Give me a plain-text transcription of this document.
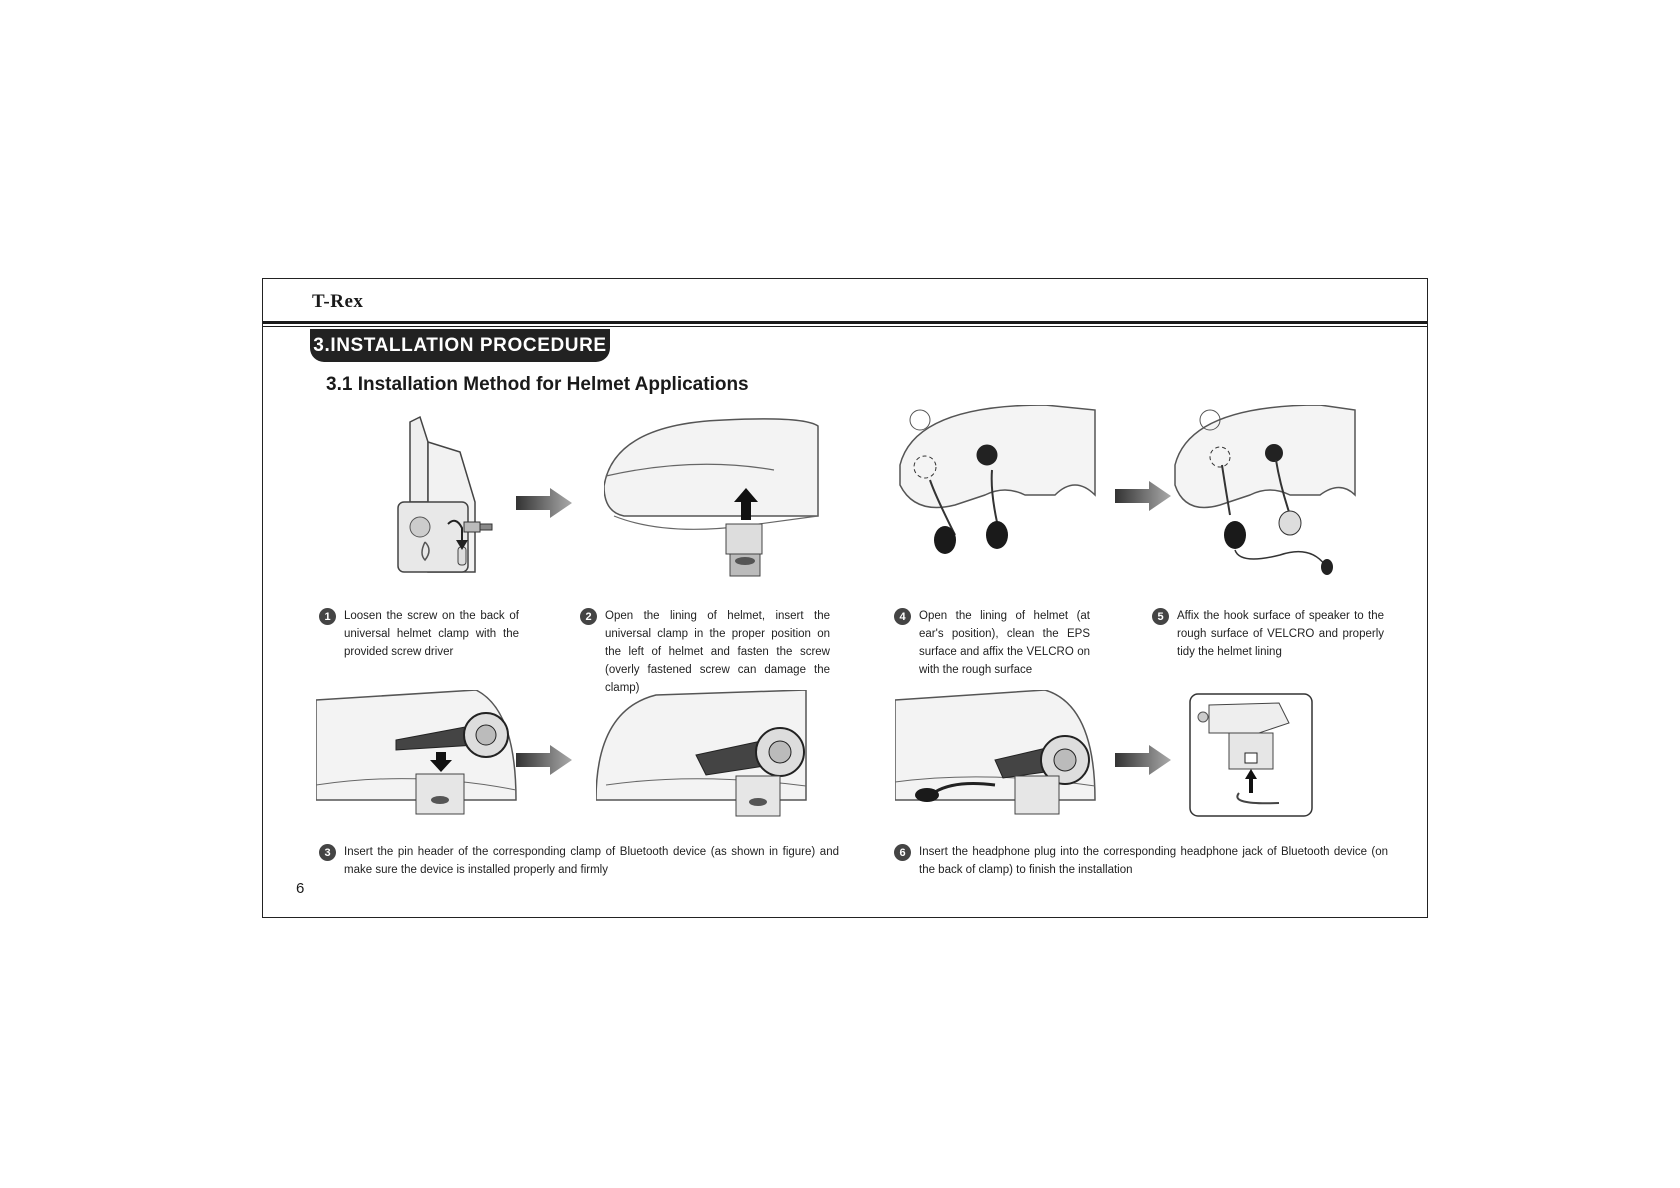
T-Rex
3.INSTALLATION PROCEDURE
3.1 Installation Method for Helmet Applications
1	Loosen the screw on the back of universal helmet clamp with the provided screw driver
2	Open the lining of helmet, insert the universal clamp in the proper position on the left of helmet and fasten the screw (overly fastened screw can damage the clamp)
4	Open the lining of helmet (at ear's position), clean the EPS surface and affix the VELCRO on with the rough surface
5	Affix the hook surface of speaker to the rough surface of VELCRO and properly tidy the helmet lining
3	Insert the pin header of the corresponding clamp of Bluetooth device (as shown in figure) and make sure the device is installed properly and firmly
6	Insert the headphone plug into the corresponding headphone jack of Bluetooth device (on the back of clamp) to finish the installation
6
